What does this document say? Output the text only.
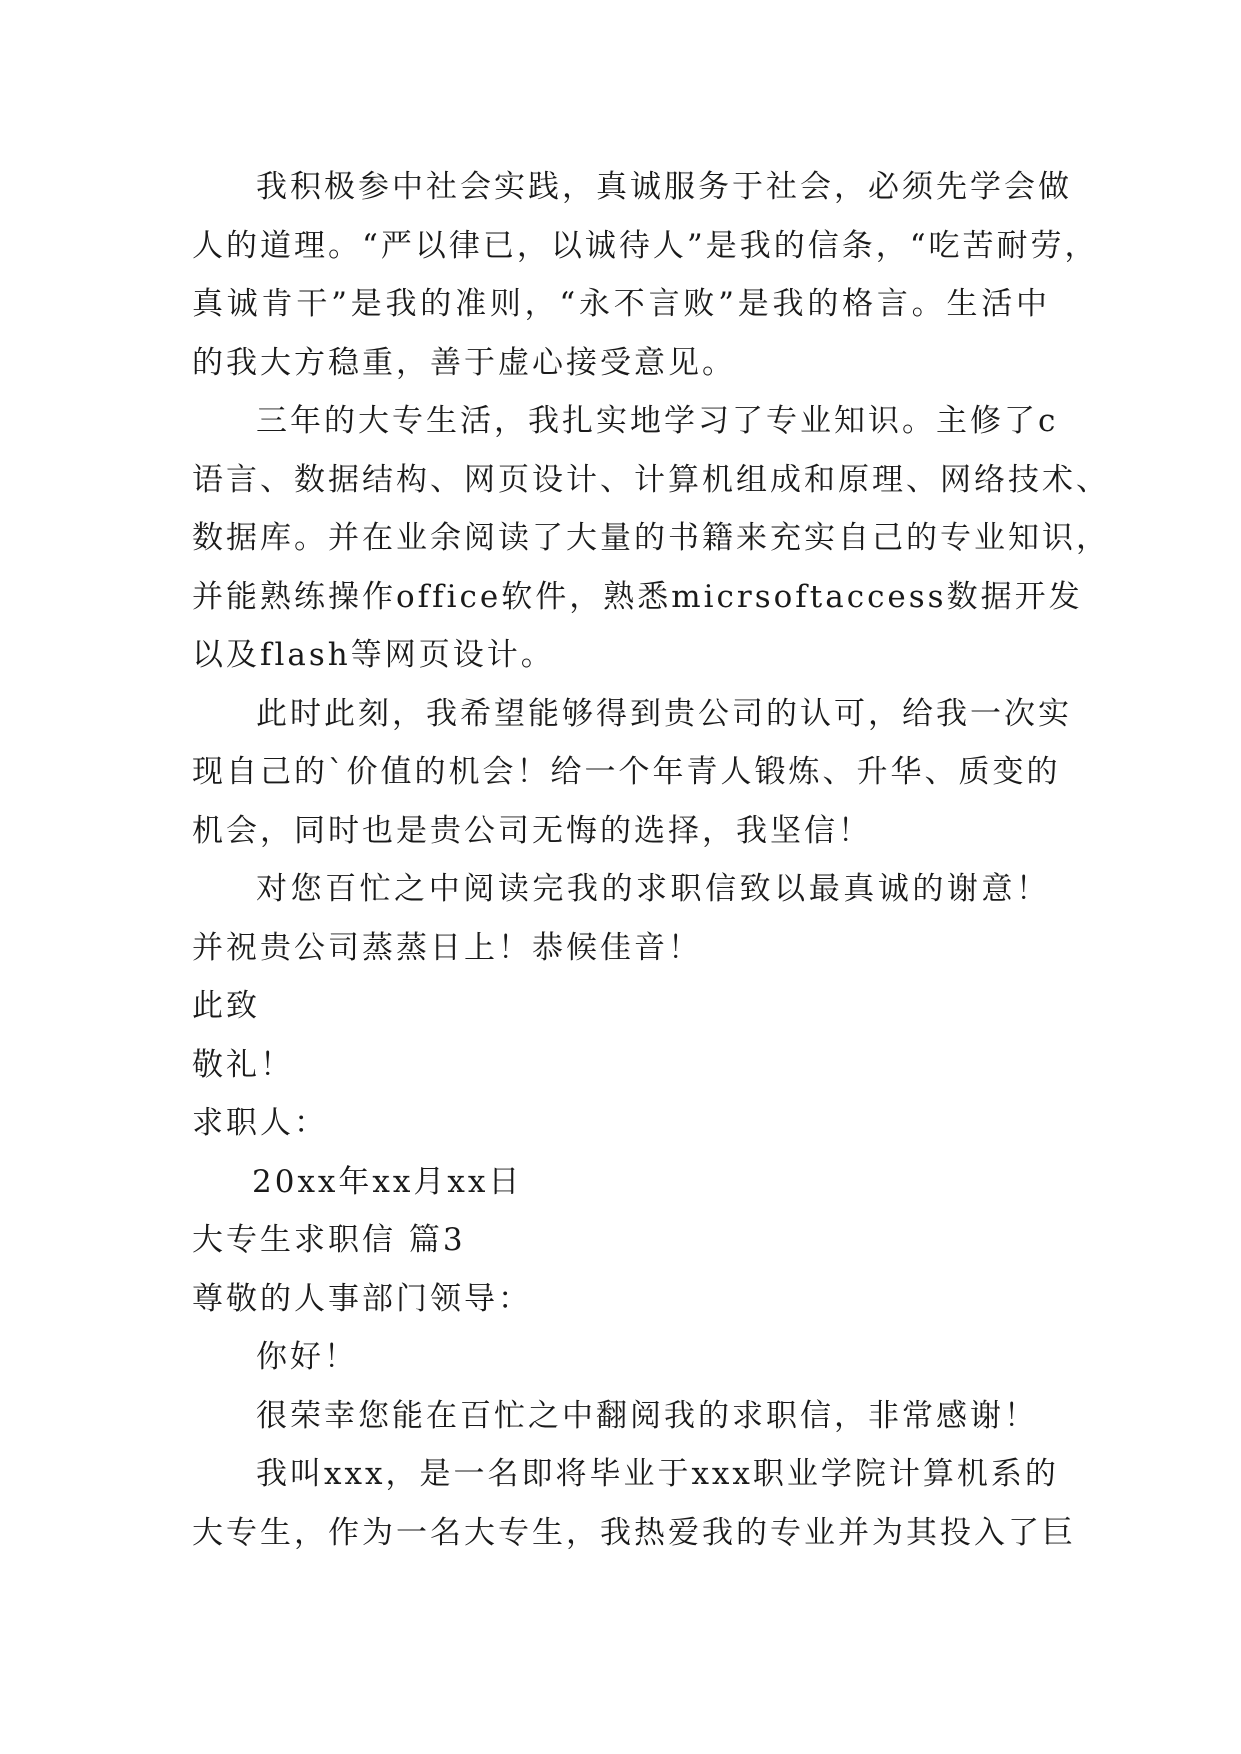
我积极参中社会实践，真诚服务于社会，必须先学会做
人的道理。“严以律已，以诚待人”是我的信条，“吃苦耐劳，
真诚肯干”是我的准则，“永不言败”是我的格言。生活中
的我大方稳重，善于虚心接受意见。
三年的大专生活，我扎实地学习了专业知识。主修了c
语言、数据结构、网页设计、计算机组成和原理、网络技术、
数据库。并在业余阅读了大量的书籍来充实自己的专业知识，
并能熟练操作office软件，熟悉micrsoftaccess数据开发
以及flash等网页设计。
此时此刻，我希望能够得到贵公司的认可，给我一次实
现自己的`价值的机会！给一个年青人锻炼、升华、质变的
机会，同时也是贵公司无悔的选择，我坚信！
对您百忙之中阅读完我的求职信致以最真诚的谢意！
并祝贵公司蒸蒸日上！恭候佳音！
此致
敬礼！
求职人：
20xx年xx月xx日
大专生求职信 篇3
尊敬的人事部门领导：
你好！
很荣幸您能在百忙之中翻阅我的求职信，非常感谢！
我叫xxx，是一名即将毕业于xxx职业学院计算机系的
大专生，作为一名大专生，我热爱我的专业并为其投入了巨
